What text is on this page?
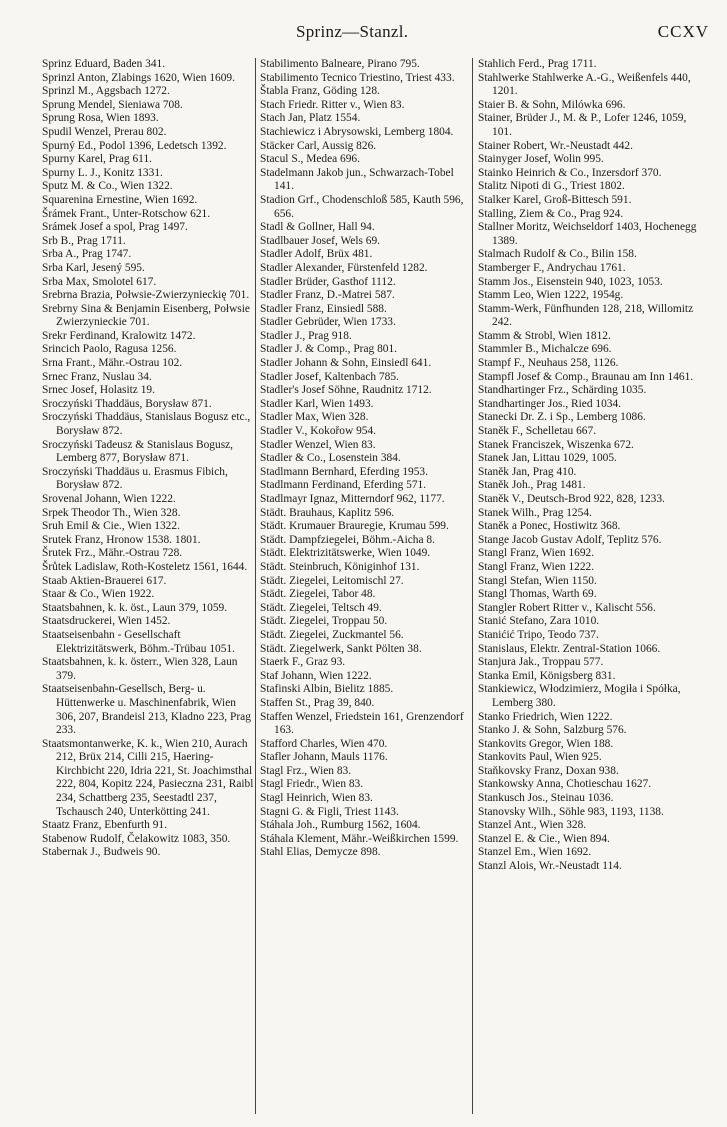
Sprinz—Stanzl.	CCXV
Sprinz Eduard, Baden 341.
Sprinzl Anton, Zlabings 1620, Wien 1609.
Sprinzl M., Aggsbach 1272.
Sprung Mendel, Sieniawa 708.
Sprung Rosa, Wien 1893.
Spudil Wenzel, Prerau 802.
Spurný Ed., Podol 1396, Ledetsch 1392.
Spurny Karel, Prag 611.
Spurny L. J., Konitz 1331.
Sputz M. & Co., Wien 1322.
Squarenina Ernestine, Wien 1692.
Šrámek Frant., Unter-Rotschow 621.
Srámek Josef a spol, Prag 1497.
Srb B., Prag 1711.
Srba A., Prag 1747.
Srba Karl, Jesený 595.
Srba Max, Smolotel 617.
Srebrna Brazia, Połwsie-Zwierzynieckię 701.
Srebrny Sina & Benjamin Eisenberg, Połwsie Zwierzynieckie 701.
Srekr Ferdinand, Kralowitz 1472.
Srincich Paolo, Ragusa 1256.
Srna Frant., Mähr.-Ostrau 102.
Srnec Franz, Nuslau 34.
Srnec Josef, Holasitz 19.
Sroczyński Thaddäus, Borysław 871.
Sroczyński Thaddäus, Stanislaus Bogusz etc., Borysław 872.
Sroczyński Tadeusz & Stanislaus Bogusz, Lemberg 877, Borysław 871.
Sroczyński Thaddäus u. Erasmus Fibich, Borysław 872.
Srovenal Johann, Wien 1222.
Srpek Theodor Th., Wien 328.
Sruh Emil & Cie., Wien 1322.
Srutek Franz, Hronow 1538. 1801.
Šrutek Frz., Mähr.-Ostrau 728.
Šrůtek Ladislaw, Roth-Kosteletz 1561, 1644.
Staab Aktien-Brauerei 617.
Staar & Co., Wien 1922.
Staatsbahnen, k. k. öst., Laun 379, 1059.
Staatsdruckerei, Wien 1452.
Staatseisenbahn - Gesellschaft Elektrizitätswerk, Böhm.-Trübau 1051.
Staatsbahnen, k. k. österr., Wien 328, Laun 379.
Staatseisenbahn-Gesellsch, Berg- u. Hüttenwerke u. Maschinenfabrik, Wien 306, 207, Brandeisl 213, Kladno 223, Prag 233.
Staatsmontanwerke, K. k., Wien 210, Aurach 212, Brüx 214, Cilli 215, Haering-Kirchbicht 220, Idria 221, St. Joachimsthal 222, 804, Kopitz 224, Pasieczna 231, Raibl 234, Schattberg 235, Seestadtl 237, Tschausch 240, Unterkötting 241.
Staatz Franz, Ebenfurth 91.
Stabenow Rudolf, Čelakowitz 1083, 350.
Stabernak J., Budweis 90.
Stabilimento Balneare, Pirano 795.
Stabilimento Tecnico Triestino, Triest 433.
Štabla Franz, Göding 128.
Stach Friedr. Ritter v., Wien 83.
Stach Jan, Platz 1554.
Stachiewicz i Abrysowski, Lemberg 1804.
Stäcker Carl, Aussig 826.
Stacul S., Medea 696.
Stadelmann Jakob jun., Schwarzach-Tobel 141.
Stadion Grf., Chodenschloß 585, Kauth 596, 656.
Stadl & Gollner, Hall 94.
Stadlbauer Josef, Wels 69.
Stadler Adolf, Brüx 481.
Stadler Alexander, Fürstenfeld 1282.
Stadler Brüder, Gasthof 1112.
Stadler Franz, D.-Matrei 587.
Stadler Franz, Einsiedl 588.
Stadler Gebrüder, Wien 1733.
Stadler J., Prag 918.
Stadler J. & Comp., Prag 801.
Stadler Johann & Sohn, Einsiedl 641.
Stadler Josef, Kaltenbach 785.
Stadler's Josef Söhne, Raudnitz 1712.
Stadler Karl, Wien 1493.
Stadler Max, Wien 328.
Stadler V., Kokořow 954.
Stadler Wenzel, Wien 83.
Stadler & Co., Losenstein 384.
Stadlmann Bernhard, Eferding 1953.
Stadlmann Ferdinand, Eferding 571.
Stadlmayr Ignaz, Mitterndorf 962, 1177.
Städt. Brauhaus, Kaplitz 596.
Städt. Krumauer Brauregie, Krumau 599.
Städt. Dampfziegelei, Böhm.-Aicha 8.
Städt. Elektrizitätswerke, Wien 1049.
Städt. Steinbruch, Königinhof 131.
Städt. Ziegelei, Leitomischl 27.
Städt. Ziegelei, Tabor 48.
Städt. Ziegelei, Teltsch 49.
Städt. Ziegelei, Troppau 50.
Städt. Ziegelei, Zuckmantel 56.
Städt. Ziegelwerk, Sankt Pölten 38.
Staerk F., Graz 93.
Staf Johann, Wien 1222.
Stafinski Albin, Bielitz 1885.
Staffen St., Prag 39, 840.
Staffen Wenzel, Friedstein 161, Grenzendorf 163.
Stafford Charles, Wien 470.
Stafler Johann, Mauls 1176.
Stagl Frz., Wien 83.
Stagl Friedr., Wien 83.
Stagl Heinrich, Wien 83.
Stagni G. & Figli, Triest 1143.
Stáhala Joh., Rumburg 1562, 1604.
Stáhala Klement, Mähr.-Weißkirchen 1599.
Stahl Elias, Demycze 898.
Stahlich Ferd., Prag 1711.
Stahlwerke Stahlwerke A.-G., Weißenfels 440, 1201.
Staier B. & Sohn, Milówka 696.
Stainer, Brüder J., M. & P., Lofer 1246, 1059, 101.
Stainer Robert, Wr.-Neustadt 442.
Stainyger Josef, Wolin 995.
Stainko Heinrich & Co., Inzersdorf 370.
Stalitz Nipoti di G., Triest 1802.
Stalker Karel, Groß-Bittesch 591.
Stalling, Ziem & Co., Prag 924.
Stallner Moritz, Weichseldorf 1403, Hochenegg 1389.
Stalmach Rudolf & Co., Bilin 158.
Stamberger F., Andrychau 1761.
Stamm Jos., Eisenstein 940, 1023, 1053.
Stamm Leo, Wien 1222, 1954g.
Stamm-Werk, Fünfhunden 128, 218, Willomitz 242.
Stamm & Strobl, Wien 1812.
Stammler B., Michalcze 696.
Stampf F., Neuhaus 258, 1126.
Stampfl Josef & Comp., Braunau am Inn 1461.
Standhartinger Frz., Schärding 1035.
Standhartinger Jos., Ried 1034.
Stanecki Dr. Z. i Sp., Lemberg 1086.
Staněk F., Schelletau 667.
Stanek Franciszek, Wiszenka 672.
Stanek Jan, Littau 1029, 1005.
Staněk Jan, Prag 410.
Staněk Joh., Prag 1481.
Staněk V., Deutsch-Brod 922, 828, 1233.
Stanek Wilh., Prag 1254.
Staněk a Ponec, Hostiwitz 368.
Stange Jacob Gustav Adolf, Teplitz 576.
Stangl Franz, Wien 1692.
Stangl Franz, Wien 1222.
Stangl Stefan, Wien 1150.
Stangl Thomas, Warth 69.
Stangler Robert Ritter v., Kalischt 556.
Stanić Stefano, Zara 1010.
Stanićić Tripo, Teodo 737.
Stanislaus, Elektr. Zentral-Station 1066.
Stanjura Jak., Troppau 577.
Stanka Emil, Königsberg 831.
Stankiewicz, Włodzimierz, Mogiła i Spółka, Lemberg 380.
Stanko Friedrich, Wien 1222.
Stanko J. & Sohn, Salzburg 576.
Stankovits Gregor, Wien 188.
Stankovits Paul, Wien 925.
Staňkovsky Franz, Doxan 938.
Stankowsky Anna, Chotieschau 1627.
Stankusch Jos., Steinau 1036.
Stanovsky Wilh., Söhle 983, 1193, 1138.
Stanzel Ant., Wien 328.
Stanzel E. & Cie., Wien 894.
Stanzel Em., Wien 1692.
Stanzl Alois, Wr.-Neustadt 114.
